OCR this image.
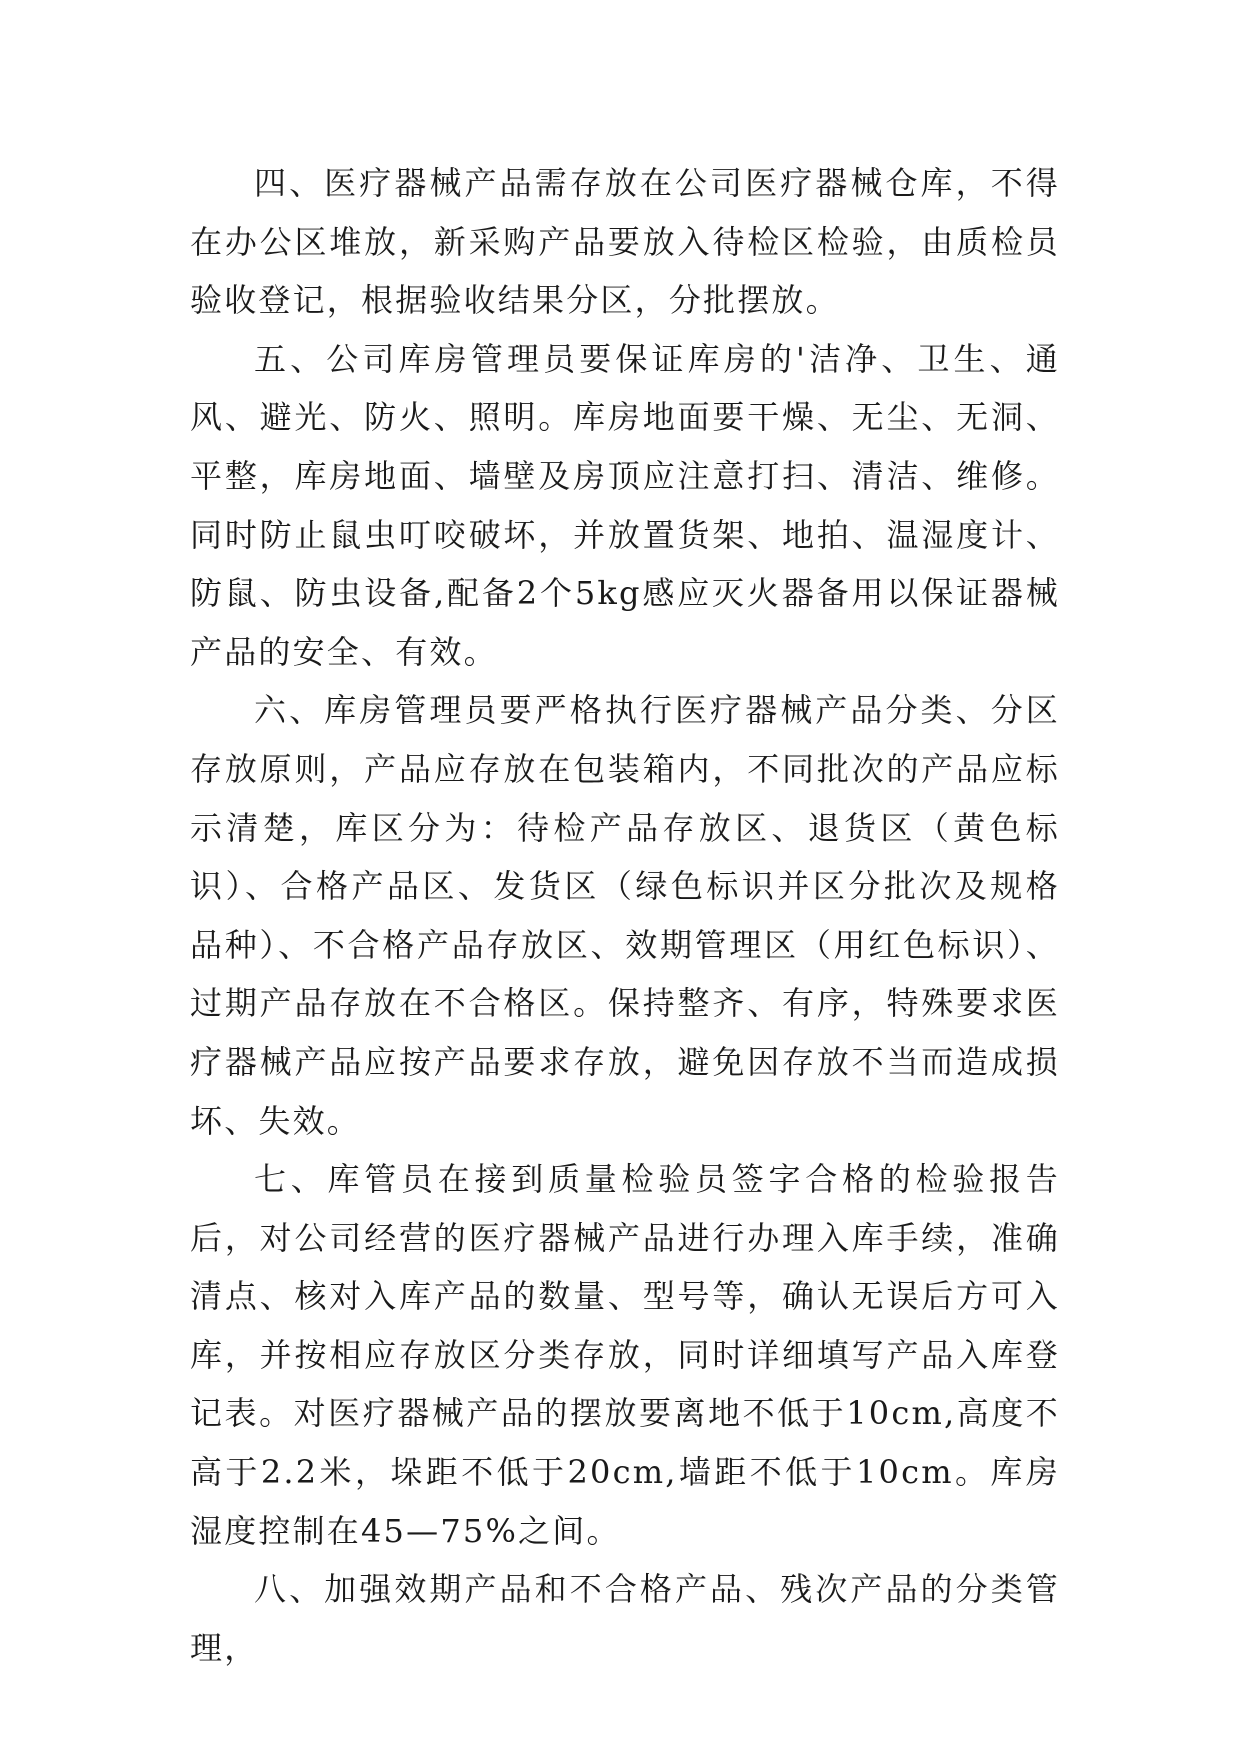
四、医疗器械产品需存放在公司医疗器械仓库，不得在办公区堆放，新采购产品要放入待检区检验，由质检员验收登记，根据验收结果分区，分批摆放。

五、公司库房管理员要保证库房的'洁净、卫生、通风、避光、防火、照明。库房地面要干燥、无尘、无洞、平整，库房地面、墙壁及房顶应注意打扫、清洁、维修。同时防止鼠虫叮咬破坏，并放置货架、地拍、温湿度计、防鼠、防虫设备,配备2个5kg感应灭火器备用以保证器械产品的安全、有效。

六、库房管理员要严格执行医疗器械产品分类、分区存放原则，产品应存放在包装箱内，不同批次的产品应标示清楚，库区分为：待检产品存放区、退货区（黄色标识）、合格产品区、发货区（绿色标识并区分批次及规格品种）、不合格产品存放区、效期管理区（用红色标识）、过期产品存放在不合格区。保持整齐、有序，特殊要求医疗器械产品应按产品要求存放，避免因存放不当而造成损坏、失效。

七、库管员在接到质量检验员签字合格的检验报告后，对公司经营的医疗器械产品进行办理入库手续，准确清点、核对入库产品的数量、型号等，确认无误后方可入库，并按相应存放区分类存放，同时详细填写产品入库登记表。对医疗器械产品的摆放要离地不低于10cm,高度不高于2.2米，垛距不低于20cm,墙距不低于10cm。库房湿度控制在45—75%之间。

八、加强效期产品和不合格产品、残次产品的分类管理，
